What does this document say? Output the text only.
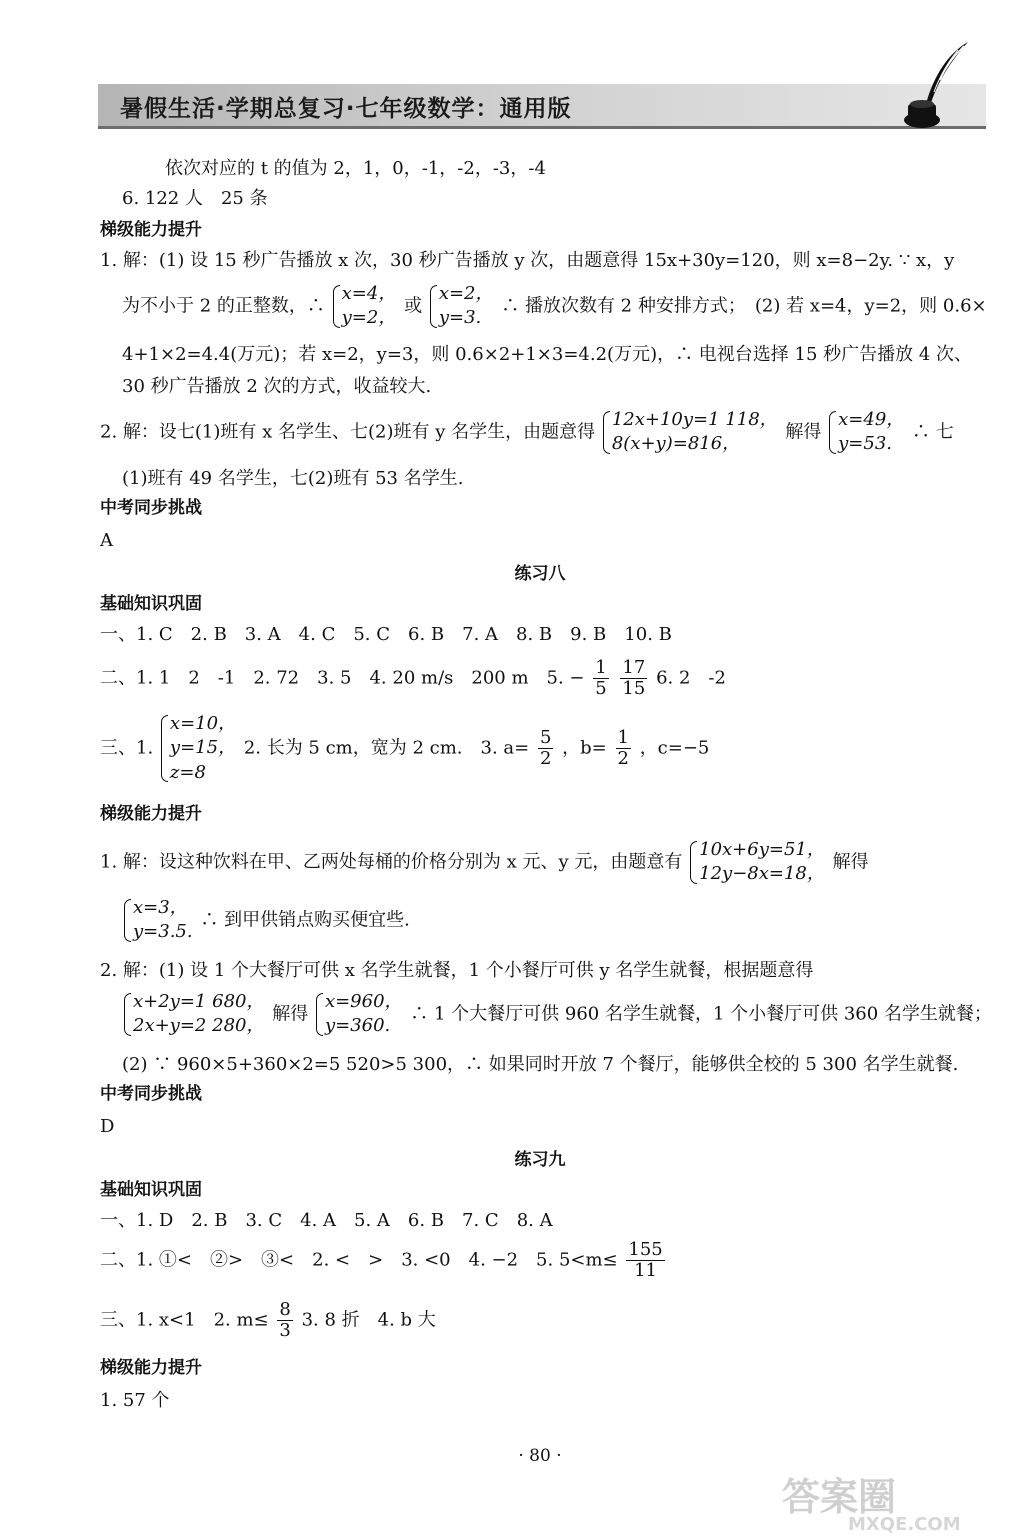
暑假生活·学期总复习·七年级数学：通用版
依次对应的 t 的值为 2，1，0，-1，-2，-3，-4
6. 122 人　25 条
梯级能力提升
1. 解：(1) 设 15 秒广告播放 x 次，30 秒广告播放 y 次，由题意得 15x+30y=120，则 x=8−2y. ∵ x，y
为不小于 2 的正整数，∴
x=4，
y=2，
或
x=2，
y=3.
∴ 播放次数有 2 种安排方式；　(2) 若 x=4，y=2，则 0.6×
4+1×2=4.4(万元)；若 x=2，y=3，则 0.6×2+1×3=4.2(万元)，∴ 电视台选择 15 秒广告播放 4 次、
30 秒广告播放 2 次的方式，收益较大.
2. 解：设七(1)班有 x 名学生、七(2)班有 y 名学生，由题意得
12x+10y=1 118，
8(x+y)=816，
解得
x=49，
y=53.
∴ 七
(1)班有 49 名学生，七(2)班有 53 名学生.
中考同步挑战
A
练习八
基础知识巩固
一、1. C　2. B　3. A　4. C　5. C　6. B　7. A　8. B　9. B　10. B
二、1. 1　2　-1　2. 72　3. 5　4. 20 m/s　200 m　5. − $\frac{1}{5}$
$\frac{17}{15} 6$. 2　-2
三、1.
x=10，
y=15，
z=8
2. 长为 5 cm，宽为 2 cm.　3. $a= \frac{5}{2}$ ，$b= \frac{1}{2}$ ，c=−5
梯级能力提升
1. 解：设这种饮料在甲、乙两处每桶的价格分别为 x 元、y 元，由题意有
10x+6y=51，
12y−8x=18，
解得
x=3，
y=3.5.
∴ 到甲供销点购买便宜些.
2. 解：(1) 设 1 个大餐厅可供 x 名学生就餐，1 个小餐厅可供 y 名学生就餐，根据题意得
x+2y=1 680，
2x+y=2 280，
解得
x=960，
y=360.
∴ 1 个大餐厅可供 960 名学生就餐，1 个小餐厅可供 360 名学生就餐；
(2) ∵ 960×5+360×2=5 520>5 300，∴ 如果同时开放 7 个餐厅，能够供全校的 5 300 名学生就餐.
中考同步挑战
D
练习九
基础知识巩固
一、1. D　2. B　3. C　4. A　5. A　6. B　7. C　8. A
二、1. ①<　②>　③<　2. <　>　3. <0　4. −2　5. $5<m\le \frac{155}{11}$
三、1. x<1　2. $m\le \frac{8}{3} 3$. 8 折　4. b 大
梯级能力提升
1. 57 个
· 80 ·
答案圈
MXQE.COM
